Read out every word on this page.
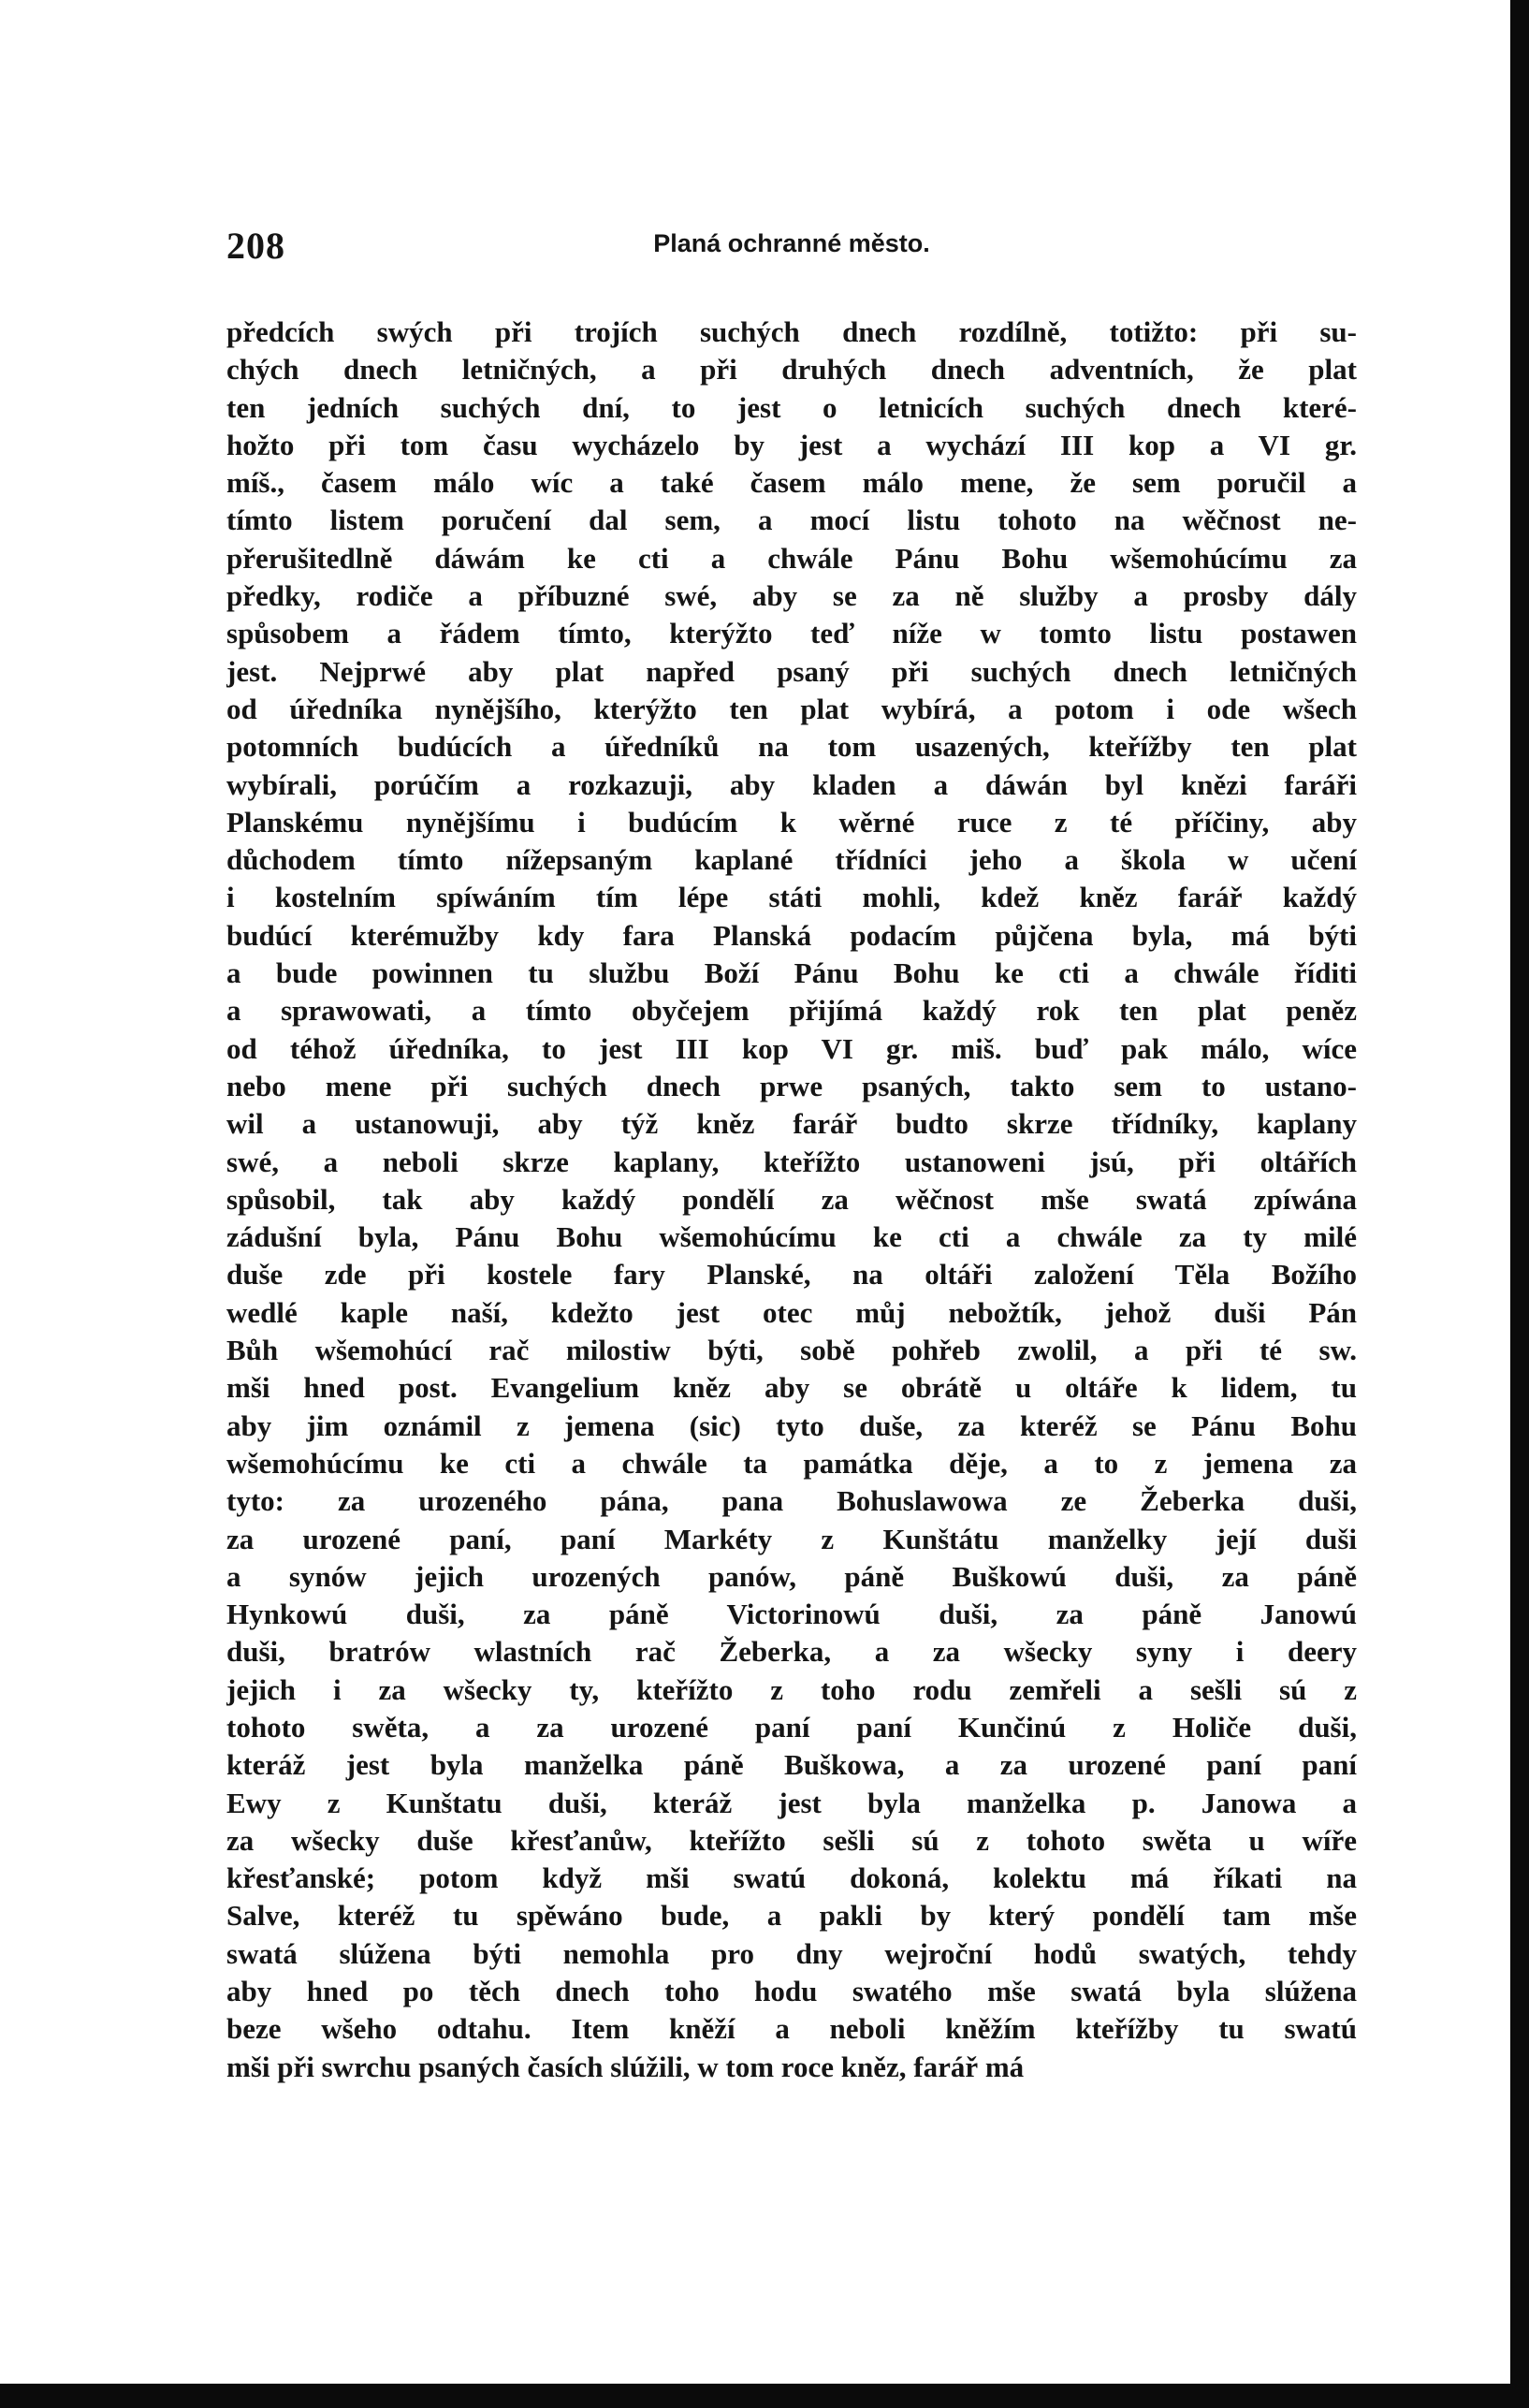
208	Planá ochranné město.
předcích swých při trojích suchých dnech rozdílně, totižto: při su-
chých dnech letničných, a při druhých dnech adventních, že plat
ten jedních suchých dní, to jest o letnicích suchých dnech které-
hožto při tom času wycházelo by jest a wychází III kop a VI gr.
míš., časem málo wíc a také časem málo mene, že sem poručil a
tímto listem poručení dal sem, a mocí listu tohoto na wěčnost ne-
přerušitedlně dáwám ke cti a chwále Pánu Bohu wšemohúcímu za
předky, rodiče a příbuzné swé, aby se za ně služby a prosby dály
spůsobem a řádem tímto, kterýžto teď níže w tomto listu postawen
jest. Nejprwé aby plat napřed psaný při suchých dnech letničných
od úředníka nynějšího, kterýžto ten plat wybírá, a potom i ode wšech
potomních budúcích a úředníků na tom usazených, kteřížby ten plat
wybírali, porúčím a rozkazuji, aby kladen a dáwán byl knězi faráři
Planskému nynějšímu i budúcím k wěrné ruce z té příčiny, aby
důchodem tímto nížepsaným kaplané třídníci jeho a škola w učení
i kostelním spíwáním tím lépe státi mohli, kdež kněz farář každý
budúcí kterémužby kdy fara Planská podacím půjčena byla, má býti
a bude powinnen tu službu Boží Pánu Bohu ke cti a chwále říditi
a sprawowati, a tímto obyčejem přijímá každý rok ten plat peněz
od téhož úředníka, to jest III kop VI gr. miš. buď pak málo, wíce
nebo mene při suchých dnech prwe psaných, takto sem to ustano-
wil a ustanowuji, aby týž kněz farář budto skrze třídníky, kaplany
swé, a neboli skrze kaplany, kteřížto ustanoweni jsú, při oltářích
spůsobil, tak aby každý pondělí za wěčnost mše swatá zpíwána
zádušní byla, Pánu Bohu wšemohúcímu ke cti a chwále za ty milé
duše zde při kostele fary Planské, na oltáři založení Těla Božího
wedlé kaple naší, kdežto jest otec můj nebožtík, jehož duši Pán
Bůh wšemohúcí rač milostiw býti, sobě pohřeb zwolil, a při té sw.
mši hned post. Evangelium kněz aby se obrátě u oltáře k lidem, tu
aby jim oznámil z jemena (sic) tyto duše, za kteréž se Pánu Bohu
wšemohúcímu ke cti a chwále ta památka děje, a to z jemena za
tyto: za urozeného pána, pana Bohuslawowa ze Žeberka duši,
za urozené paní, paní Markéty z Kunštátu manželky její duši
a synów jejich urozených panów, páně Buškowú duši, za páně
Hynkowú duši, za páně Victorinowú duši, za páně Janowú
duši, bratrów wlastních rač Žeberka, a za wšecky syny i deery
jejich i za wšecky ty, kteřížto z toho rodu zemřeli a sešli sú z
tohoto swěta, a za urozené paní paní Kunčinú z Holiče duši,
kteráž jest byla manželka páně Buškowa, a za urozené paní paní
Ewy z Kunštatu duši, kteráž jest byla manželka p. Janowa a
za wšecky duše křesťanůw, kteřížto sešli sú z tohoto swěta u wíře
křesťanské; potom když mši swatú dokoná, kolektu má říkati na
Salve, kteréž tu spěwáno bude, a pakli by který pondělí tam mše
swatá slúžena býti nemohla pro dny wejroční hodů swatých, tehdy
aby hned po těch dnech toho hodu swatého mše swatá byla slúžena
beze wšeho odtahu. Item kněží a neboli kněžím kteřížby tu swatú
mši při swrchu psaných časích slúžili, w tom roce kněz, farář má
